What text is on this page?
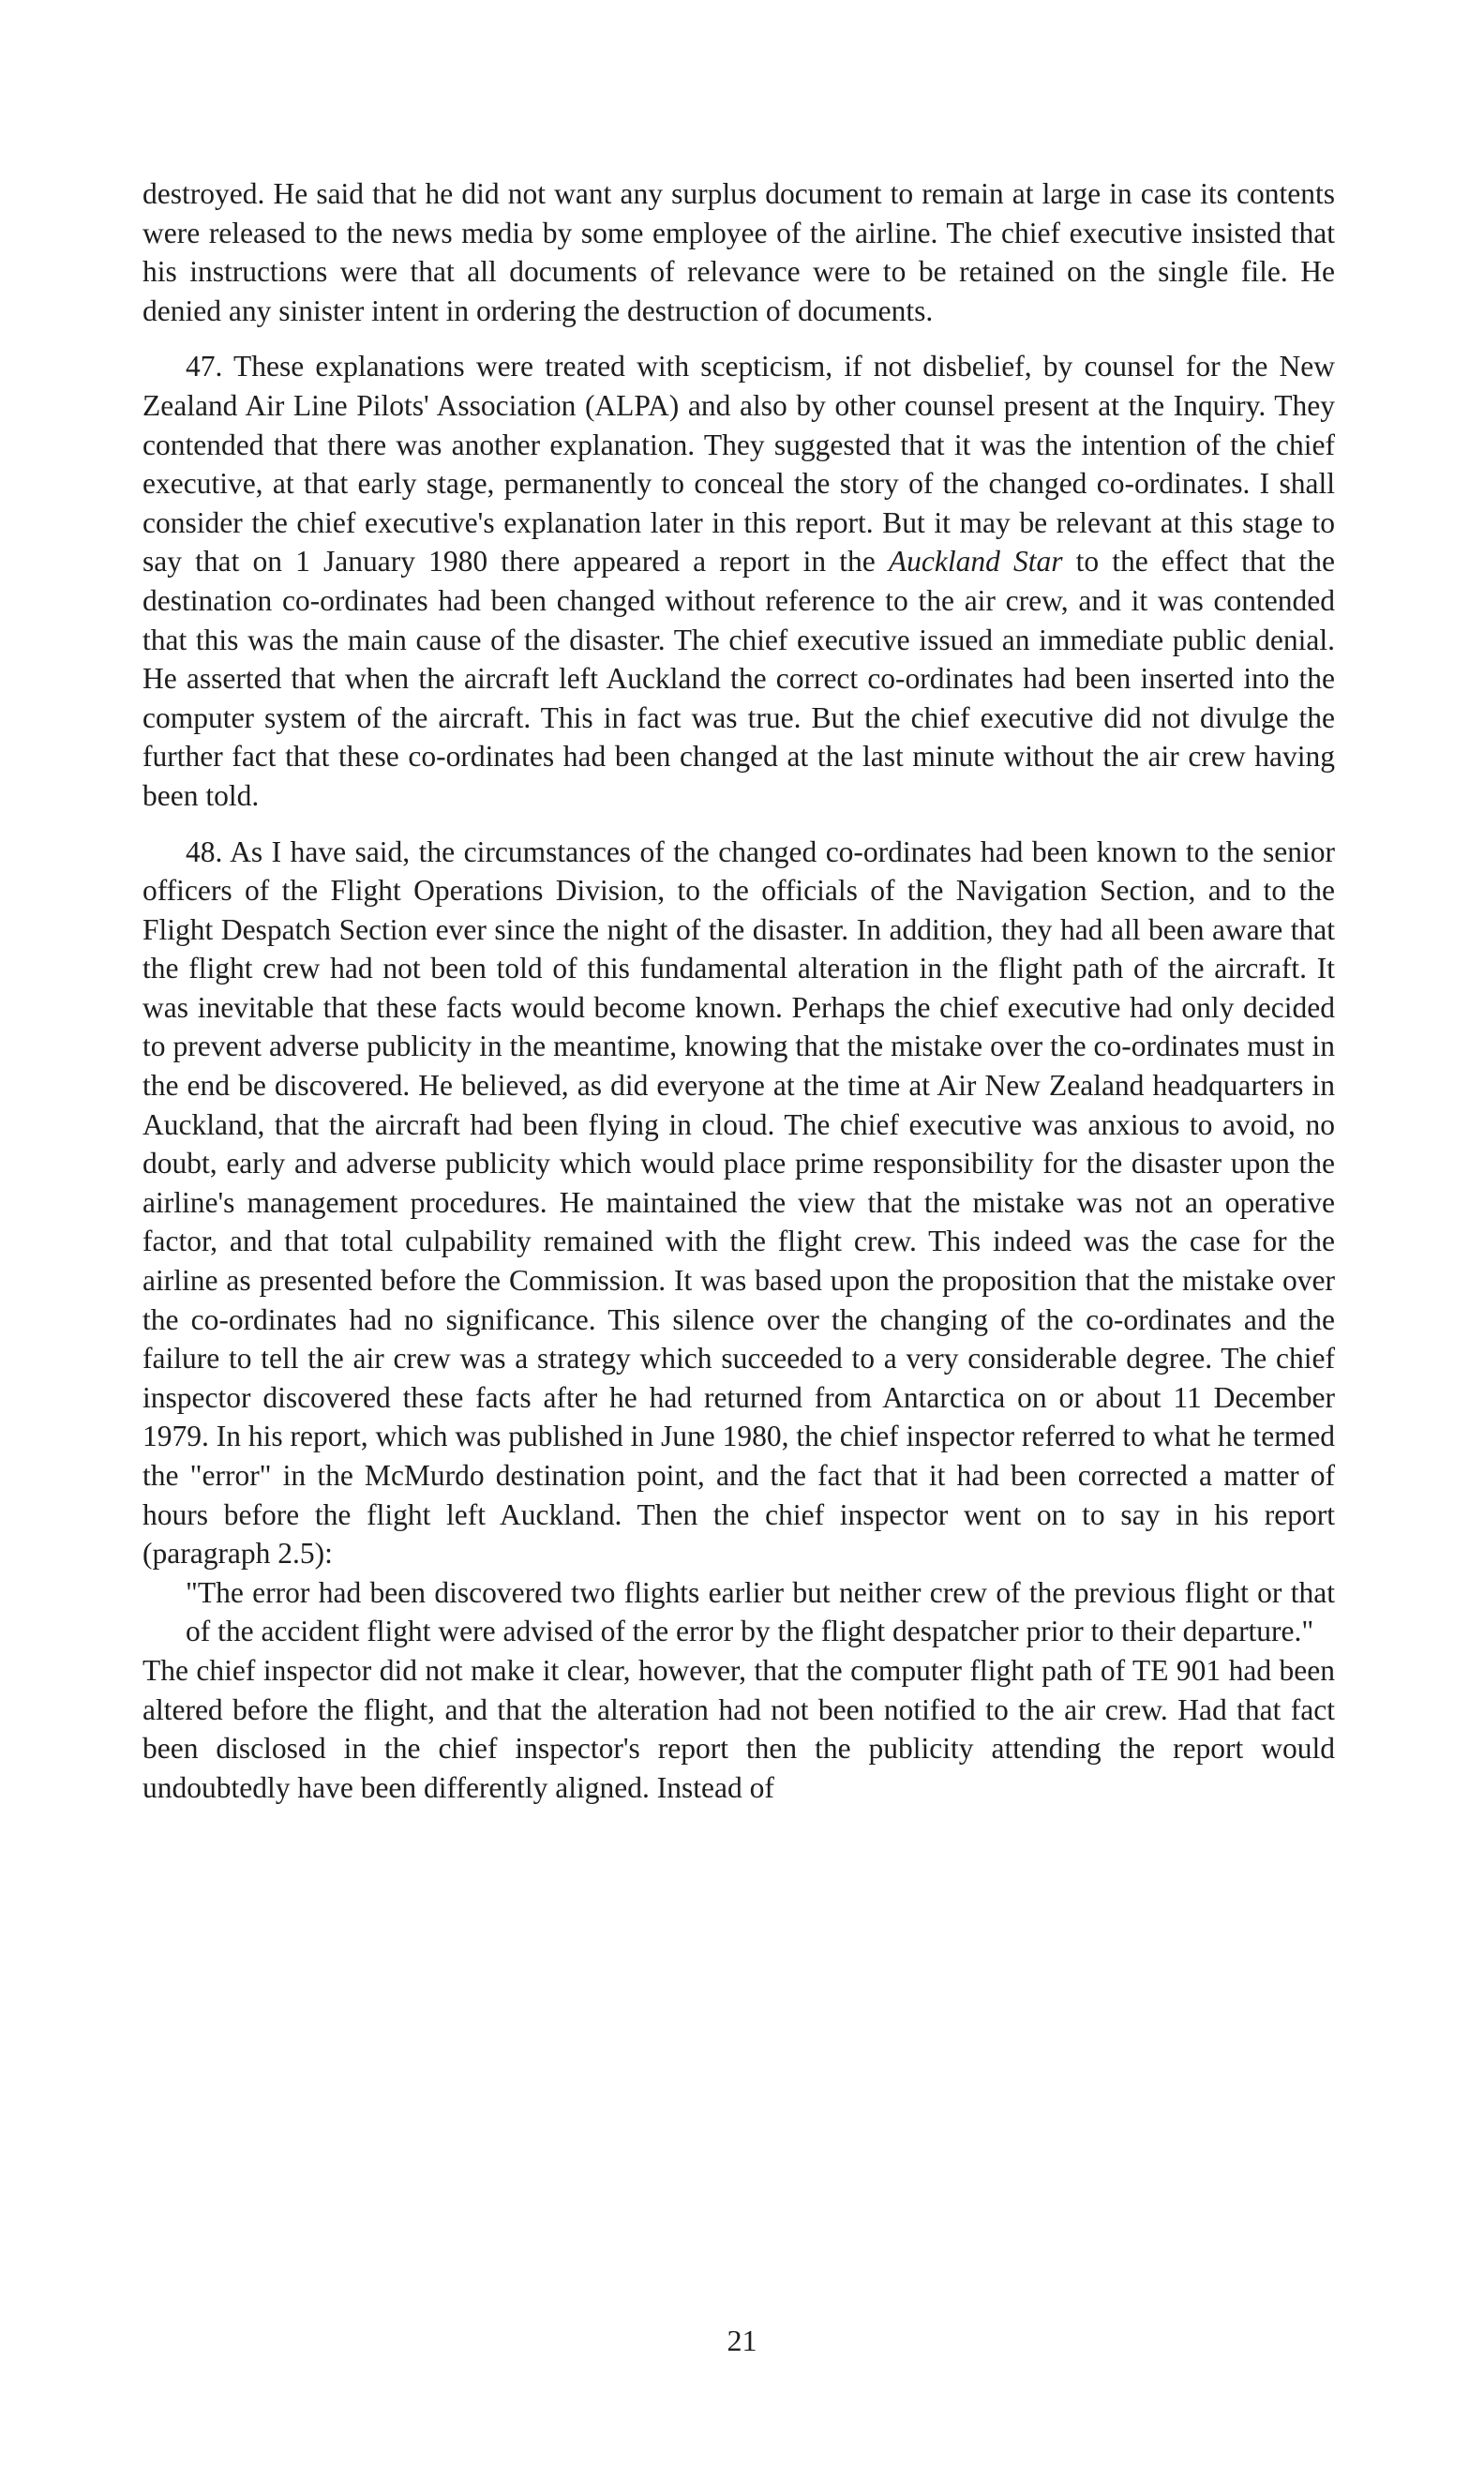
destroyed. He said that he did not want any surplus document to remain at large in case its contents were released to the news media by some employee of the airline. The chief executive insisted that his instructions were that all documents of relevance were to be retained on the single file. He denied any sinister intent in ordering the destruction of documents.

47. These explanations were treated with scepticism, if not disbelief, by counsel for the New Zealand Air Line Pilots' Association (ALPA) and also by other counsel present at the Inquiry. They contended that there was another explanation. They suggested that it was the intention of the chief executive, at that early stage, permanently to conceal the story of the changed co-ordinates. I shall consider the chief executive's explanation later in this report. But it may be relevant at this stage to say that on 1 January 1980 there appeared a report in the Auckland Star to the effect that the destination co-ordinates had been changed without reference to the air crew, and it was contended that this was the main cause of the disaster. The chief executive issued an immediate public denial. He asserted that when the aircraft left Auckland the correct co-ordinates had been inserted into the computer system of the aircraft. This in fact was true. But the chief executive did not divulge the further fact that these co-ordinates had been changed at the last minute without the air crew having been told.

48. As I have said, the circumstances of the changed co-ordinates had been known to the senior officers of the Flight Operations Division, to the officials of the Navigation Section, and to the Flight Despatch Section ever since the night of the disaster. In addition, they had all been aware that the flight crew had not been told of this fundamental alteration in the flight path of the aircraft. It was inevitable that these facts would become known. Perhaps the chief executive had only decided to prevent adverse publicity in the meantime, knowing that the mistake over the co-ordinates must in the end be discovered. He believed, as did everyone at the time at Air New Zealand headquarters in Auckland, that the aircraft had been flying in cloud. The chief executive was anxious to avoid, no doubt, early and adverse publicity which would place prime responsibility for the disaster upon the airline's management procedures. He maintained the view that the mistake was not an operative factor, and that total culpability remained with the flight crew. This indeed was the case for the airline as presented before the Commission. It was based upon the proposition that the mistake over the co-ordinates had no significance. This silence over the changing of the co-ordinates and the failure to tell the air crew was a strategy which succeeded to a very considerable degree. The chief inspector discovered these facts after he had returned from Antarctica on or about 11 December 1979. In his report, which was published in June 1980, the chief inspector referred to what he termed the "error" in the McMurdo destination point, and the fact that it had been corrected a matter of hours before the flight left Auckland. Then the chief inspector went on to say in his report (paragraph 2.5):

"The error had been discovered two flights earlier but neither crew of the previous flight or that of the accident flight were advised of the error by the flight despatcher prior to their departure."

The chief inspector did not make it clear, however, that the computer flight path of TE 901 had been altered before the flight, and that the alteration had not been notified to the air crew. Had that fact been disclosed in the chief inspector's report then the publicity attending the report would undoubtedly have been differently aligned. Instead of

21
